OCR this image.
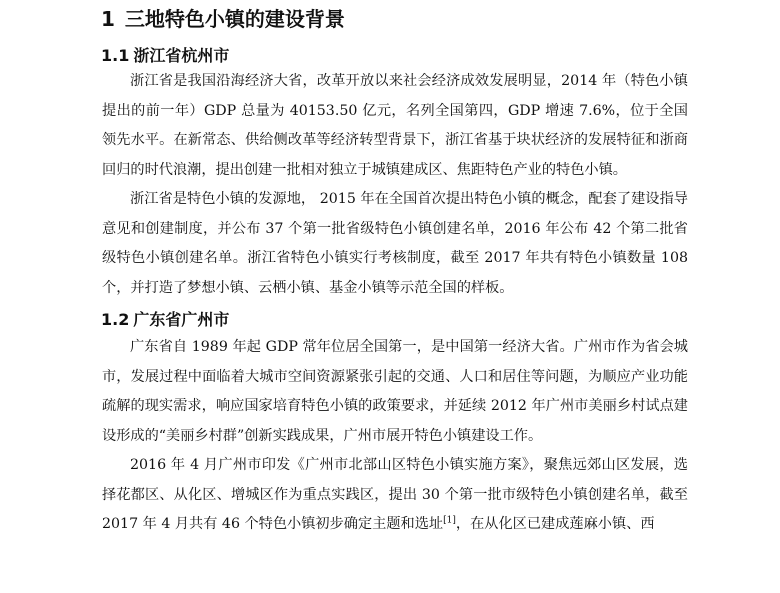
1 三地特色小镇的建设背景
1.1 浙江省杭州市

浙江省是我国沿海经济大省，改革开放以来社会经济成效发展明显，2014 年（特色小镇提出的前一年）GDP 总量为 40153.50 亿元，名列全国第四，GDP 增速 7.6%，位于全国领先水平。在新常态、供给侧改革等经济转型背景下，浙江省基于块状经济的发展特征和浙商回归的时代浪潮，提出创建一批相对独立于城镇建成区、焦距特色产业的特色小镇。

浙江省是特色小镇的发源地， 2015 年在全国首次提出特色小镇的概念，配套了建设指导意见和创建制度，并公布 37 个第一批省级特色小镇创建名单，2016 年公布 42 个第二批省级特色小镇创建名单。浙江省特色小镇实行考核制度，截至 2017 年共有特色小镇数量 108 个，并打造了梦想小镇、云栖小镇、基金小镇等示范全国的样板。

1.2 广东省广州市

广东省自 1989 年起 GDP 常年位居全国第一，是中国第一经济大省。广州市作为省会城市，发展过程中面临着大城市空间资源紧张引起的交通、人口和居住等问题，为顺应产业功能疏解的现实需求，响应国家培育特色小镇的政策要求，并延续 2012 年广州市美丽乡村试点建设形成的“美丽乡村群”创新实践成果，广州市展开特色小镇建设工作。

2016 年 4 月广州市印发《广州市北部山区特色小镇实施方案》，聚焦远郊山区发展，选择花都区、从化区、增城区作为重点实践区，提出 30 个第一批市级特色小镇创建名单，截至 2017 年 4 月共有 46 个特色小镇初步确定主题和选址[1]，在从化区已建成莲麻小镇、西
